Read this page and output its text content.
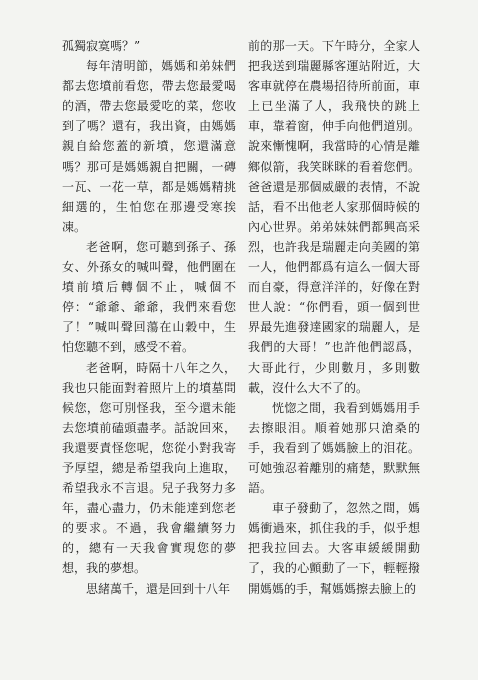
孤獨寂寞嗎？”

每年清明節，媽媽和弟妹們都去您墳前看您，帶去您最愛喝的酒，帶去您最愛吃的菜，您收到了嗎？還有，我出資，由媽媽親自給您蓋的新墳，您還滿意嗎？那可是媽媽親自把關，一磚一瓦、一花一草，都是媽媽精挑細選的，生怕您在那邊受寒挨凍。

老爸啊，您可聽到孫子、孫女、外孫女的喊叫聲，他們圍在墳前墳后轉個不止，喊個不停：“爺爺、爺爺，我們來看您了！”喊叫聲回蕩在山穀中，生怕您聽不到，感受不着。

老爸啊，時隔十八年之久，我也只能面對着照片上的墳墓問候您，您可別怪我，至今還未能去您墳前磕頭盡孝。話說回來，我還要責怪您呢，您從小對我寄予厚望，總是希望我向上進取，希望我永不言退。兒子我努力多年，盡心盡力，仍未能達到您老的要求。不過，我會繼續努力的，總有一天我會實現您的夢想，我的夢想。

思緒萬千，還是回到十八年

前的那一天。下午時分，全家人把我送到瑞麗縣客運站附近，大客車就停在農場招待所前面，車上已坐滿了人，我飛快的跳上車，靠着窗，伸手向他們道別。說來慚愧啊，我當時的心情是離鄉似箭，我笑眯眯的看着您們。爸爸還是那個威嚴的表情，不說話，看不出他老人家那個時候的內心世界。弟弟妹妹們都興高采烈，也許我是瑞麗走向美國的第一人，他們都爲有這么一個大哥而自豪，得意洋洋的，好像在對世人說：“你們看，頭一個到世界最先進發達國家的瑞麗人，是我們的大哥！”也許他們認爲，大哥此行，少則數月，多則數載，沒什么大不了的。

恍惚之間，我看到媽媽用手去擦眼泪。順着她那只滄桑的手，我看到了媽媽臉上的泪花。可她強忍着離別的痛楚，默默無語。

車子發動了，忽然之間，媽媽衝過來，抓住我的手，似乎想把我拉回去。大客車緩緩開動了，我的心顫動了一下，輕輕撥開媽媽的手，幫媽媽擦去臉上的
